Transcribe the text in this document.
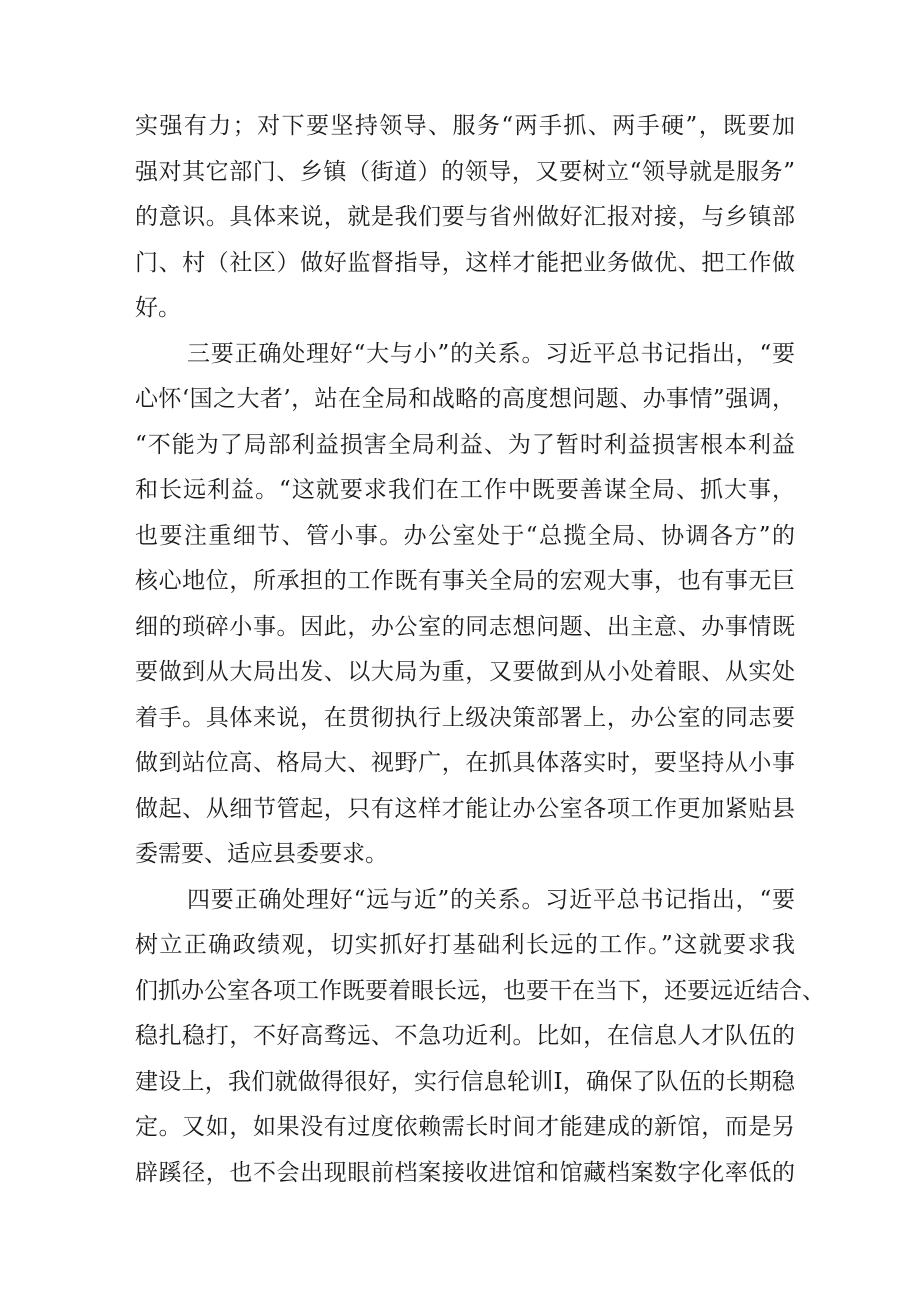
实强有力；对下要坚持领导、服务“两手抓、两手硬”，既要加
强对其它部门、乡镇（街道）的领导，又要树立“领导就是服务”
的意识。具体来说，就是我们要与省州做好汇报对接，与乡镇部
门、村（社区）做好监督指导，这样才能把业务做优、把工作做
好。
三要正确处理好“大与小”的关系。习近平总书记指出，“要
心怀‘国之大者’，站在全局和战略的高度想问题、办事情”强调，
“不能为了局部利益损害全局利益、为了暂时利益损害根本利益
和长远利益。“这就要求我们在工作中既要善谋全局、抓大事，
也要注重细节、管小事。办公室处于“总揽全局、协调各方”的
核心地位，所承担的工作既有事关全局的宏观大事，也有事无巨
细的琐碎小事。因此，办公室的同志想问题、出主意、办事情既
要做到从大局出发、以大局为重，又要做到从小处着眼、从实处
着手。具体来说，在贯彻执行上级决策部署上，办公室的同志要
做到站位高、格局大、视野广，在抓具体落实时，要坚持从小事
做起、从细节管起，只有这样才能让办公室各项工作更加紧贴县
委需要、适应县委要求。
四要正确处理好“远与近”的关系。习近平总书记指出，“要
树立正确政绩观，切实抓好打基础利长远的工作。”这就要求我
们抓办公室各项工作既要着眼长远，也要干在当下，还要远近结合、
稳扎稳打，不好高骛远、不急功近利。比如，在信息人才队伍的
建设上，我们就做得很好，实行信息轮训I，确保了队伍的长期稳
定。又如，如果没有过度依赖需长时间才能建成的新馆，而是另
辟蹊径，也不会出现眼前档案接收进馆和馆藏档案数字化率低的
